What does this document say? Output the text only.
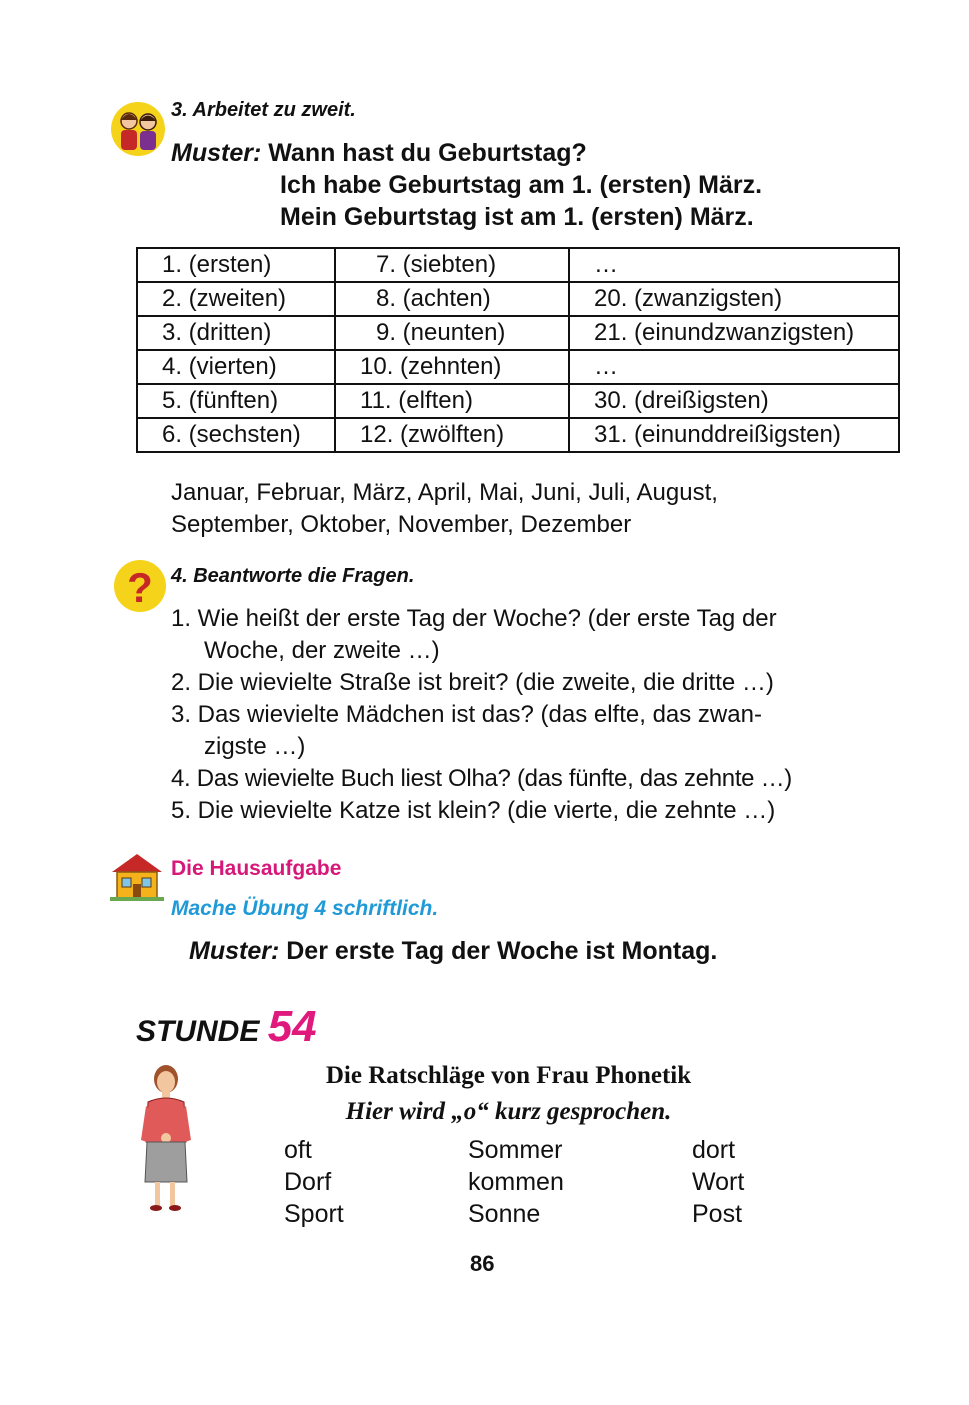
3. Arbeitet zu zweit.
Muster: Wann hast du Geburtstag?
Ich habe Geburtstag am 1. (ersten) März.
Mein Geburtstag ist am 1. (ersten) März.
1. (ersten)	7. (siebten)	…
2. (zweiten)	8. (achten)	20. (zwanzigsten)
3. (dritten)	9. (neunten)	21. (einundzwanzigsten)
4. (vierten)	10. (zehnten)	…
5. (fünften)	11. (elften)	30. (dreißigsten)
6. (sechsten)	12. (zwölften)	31. (einunddreißigsten)
Januar, Februar, März, April, Mai, Juni, Juli, August,
September, Oktober, November, Dezember
? 4. Beantworte die Fragen.
1. Wie heißt der erste Tag der Woche? (der erste Tag der
Woche, der zweite …)
2. Die wievielte Straße ist breit? (die zweite, die dritte …)
3. Das wievielte Mädchen ist das? (das elfte, das zwan-
zigste …)
4. Das wievielte Buch liest Olha? (das fünfte, das zehnte …)
5. Die wievielte Katze ist klein? (die vierte, die zehnte …)
Die Hausaufgabe
Mache Übung 4 schriftlich.
Muster: Der erste Tag der Woche ist Montag.
STUNDE 54
Die Ratschläge von Frau Phonetik
Hier wird „o“ kurz gesprochen.
oft	Sommer	dort
Dorf	kommen	Wort
Sport	Sonne	Post
86
